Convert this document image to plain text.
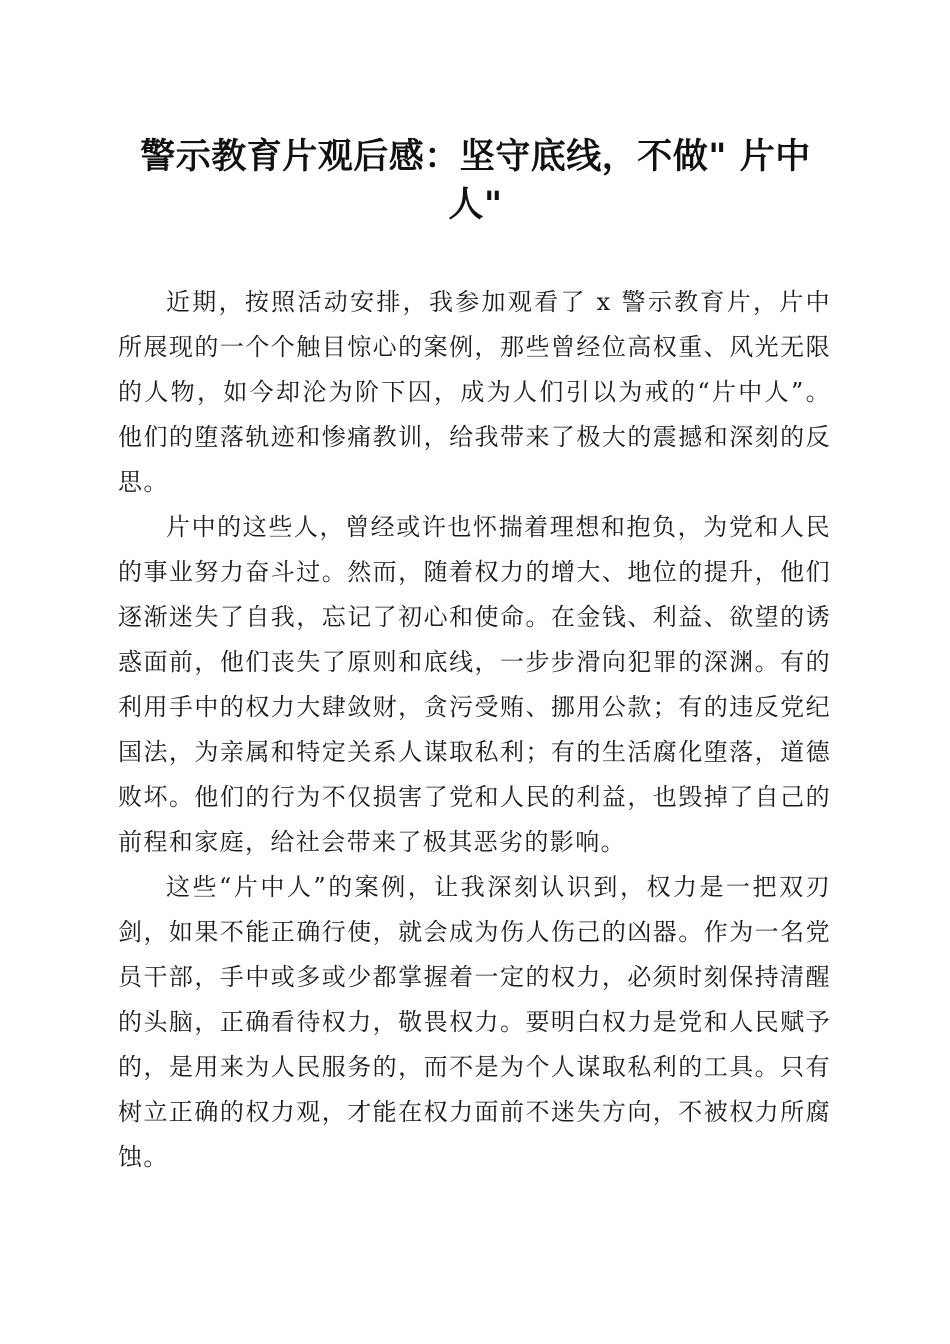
警示教育片观后感：坚守底线，不做" 片中人"

近期，按照活动安排，我参加观看了 x 警示教育片，片中所展现的一个个触目惊心的案例，那些曾经位高权重、风光无限的人物，如今却沦为阶下囚，成为人们引以为戒的“片中人”。他们的堕落轨迹和惨痛教训，给我带来了极大的震撼和深刻的反思。

片中的这些人，曾经或许也怀揣着理想和抱负，为党和人民的事业努力奋斗过。然而，随着权力的增大、地位的提升，他们逐渐迷失了自我，忘记了初心和使命。在金钱、利益、欲望的诱惑面前，他们丧失了原则和底线，一步步滑向犯罪的深渊。有的利用手中的权力大肆敛财，贪污受贿、挪用公款；有的违反党纪国法，为亲属和特定关系人谋取私利；有的生活腐化堕落，道德败坏。他们的行为不仅损害了党和人民的利益，也毁掉了自己的前程和家庭，给社会带来了极其恶劣的影响。

这些“片中人”的案例，让我深刻认识到，权力是一把双刃剑，如果不能正确行使，就会成为伤人伤己的凶器。作为一名党员干部，手中或多或少都掌握着一定的权力，必须时刻保持清醒的头脑，正确看待权力，敬畏权力。要明白权力是党和人民赋予的，是用来为人民服务的，而不是为个人谋取私利的工具。只有树立正确的权力观，才能在权力面前不迷失方向，不被权力所腐蚀。
